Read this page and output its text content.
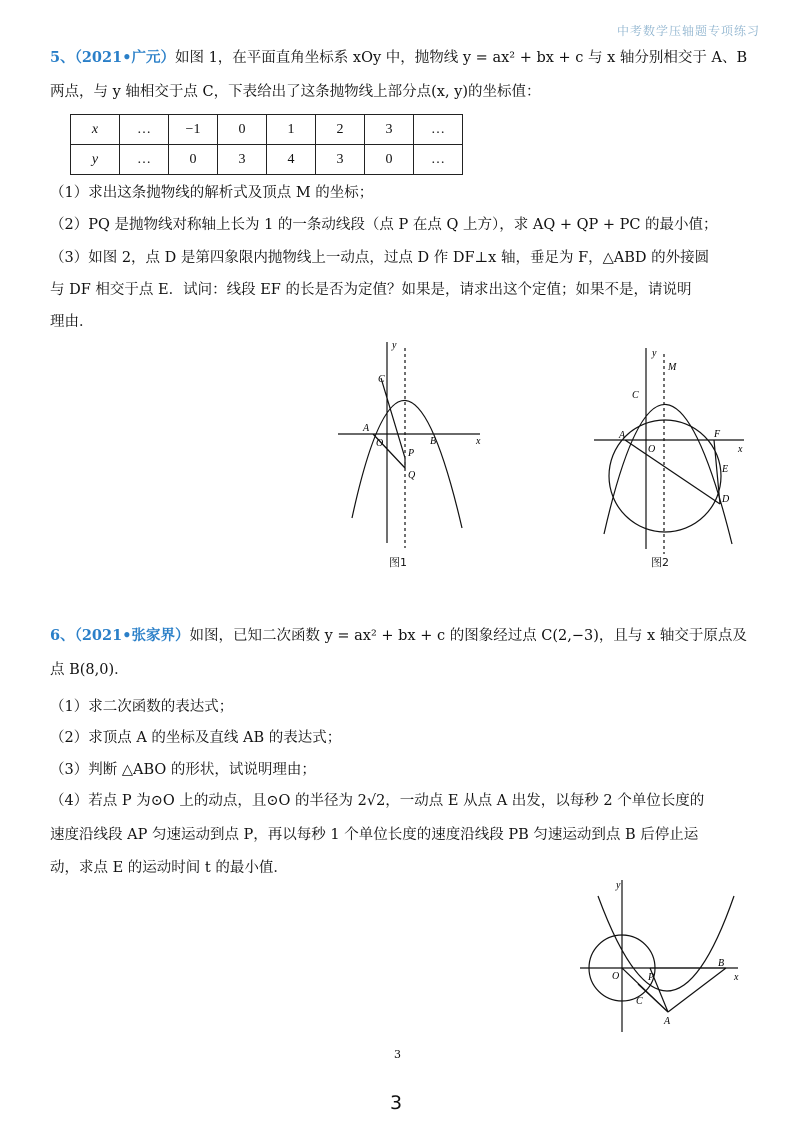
中考数学压轴题专项练习
5、（2021•广元）如图 1，在平面直角坐标系 xOy 中，抛物线 y = ax² + bx + c 与 x 轴分别相交于 A、B
两点，与 y 轴相交于点 C，下表给出了这条抛物线上部分点(x, y)的坐标值：
x	…	−1	0	1	2	3	…
y	…	0	3	4	3	0	…
（1）求出这条抛物线的解析式及顶点 M 的坐标；
（2）PQ 是抛物线对称轴上长为 1 的一条动线段（点 P 在点 Q 上方），求 AQ + QP + PC 的最小值；
（3）如图 2，点 D 是第四象限内抛物线上一动点，过点 D 作 DF⊥x 轴，垂足为 F，△ABD 的外接圆
与 DF 相交于点 E．试问：线段 EF 的长是否为定值？如果是，请求出这个定值；如果不是，请说明
理由．
y
x
O
A
B
C
P
Q
图1
y
x
O
A	F
C
M
E
D
图2
6、（2021•张家界）如图，已知二次函数 y = ax² + bx + c 的图象经过点 C(2,−3)，且与 x 轴交于原点及
点 B(8,0)．
（1）求二次函数的表达式；
（2）求顶点 A 的坐标及直线 AB 的表达式；
（3）判断 △ABO 的形状，试说明理由；
（4）若点 P 为⊙O 上的动点，且⊙O 的半径为 2√2，一动点 E 从点 A 出发，以每秒 2 个单位长度的
速度沿线段 AP 匀速运动到点 P，再以每秒 1 个单位长度的速度沿线段 PB 匀速运动到点 B 后停止运
动，求点 E 的运动时间 t 的最小值．
y
x
O	P
B
C
A
3
3
